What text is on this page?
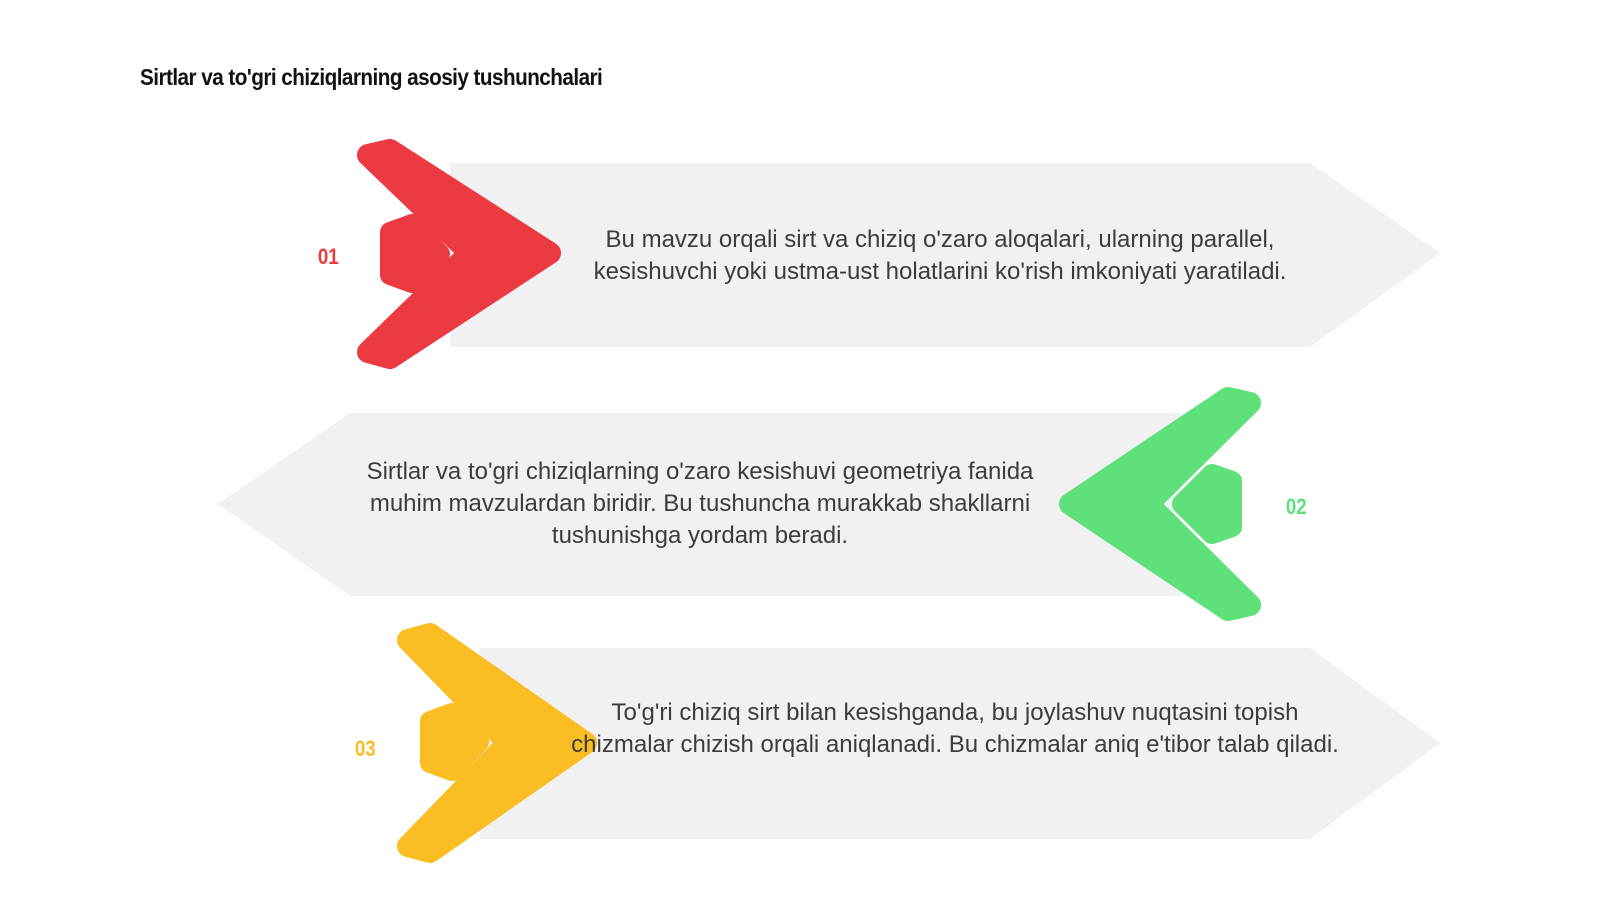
Sirtlar va to'gri chiziqlarning asosiy tushunchalari
01
Bu mavzu orqali sirt va chiziq o'zaro aloqalari, ularning parallel, kesishuvchi yoki ustma-ust holatlarini ko'rish imkoniyati yaratiladi.
02
Sirtlar va to'gri chiziqlarning o'zaro kesishuvi geometriya fanida muhim mavzulardan biridir. Bu tushuncha murakkab shakllarni tushunishga yordam beradi.
03
To'g'ri chiziq sirt bilan kesishganda, bu joylashuv nuqtasini topish chizmalar chizish orqali aniqlanadi. Bu chizmalar aniq e'tibor talab qiladi.
